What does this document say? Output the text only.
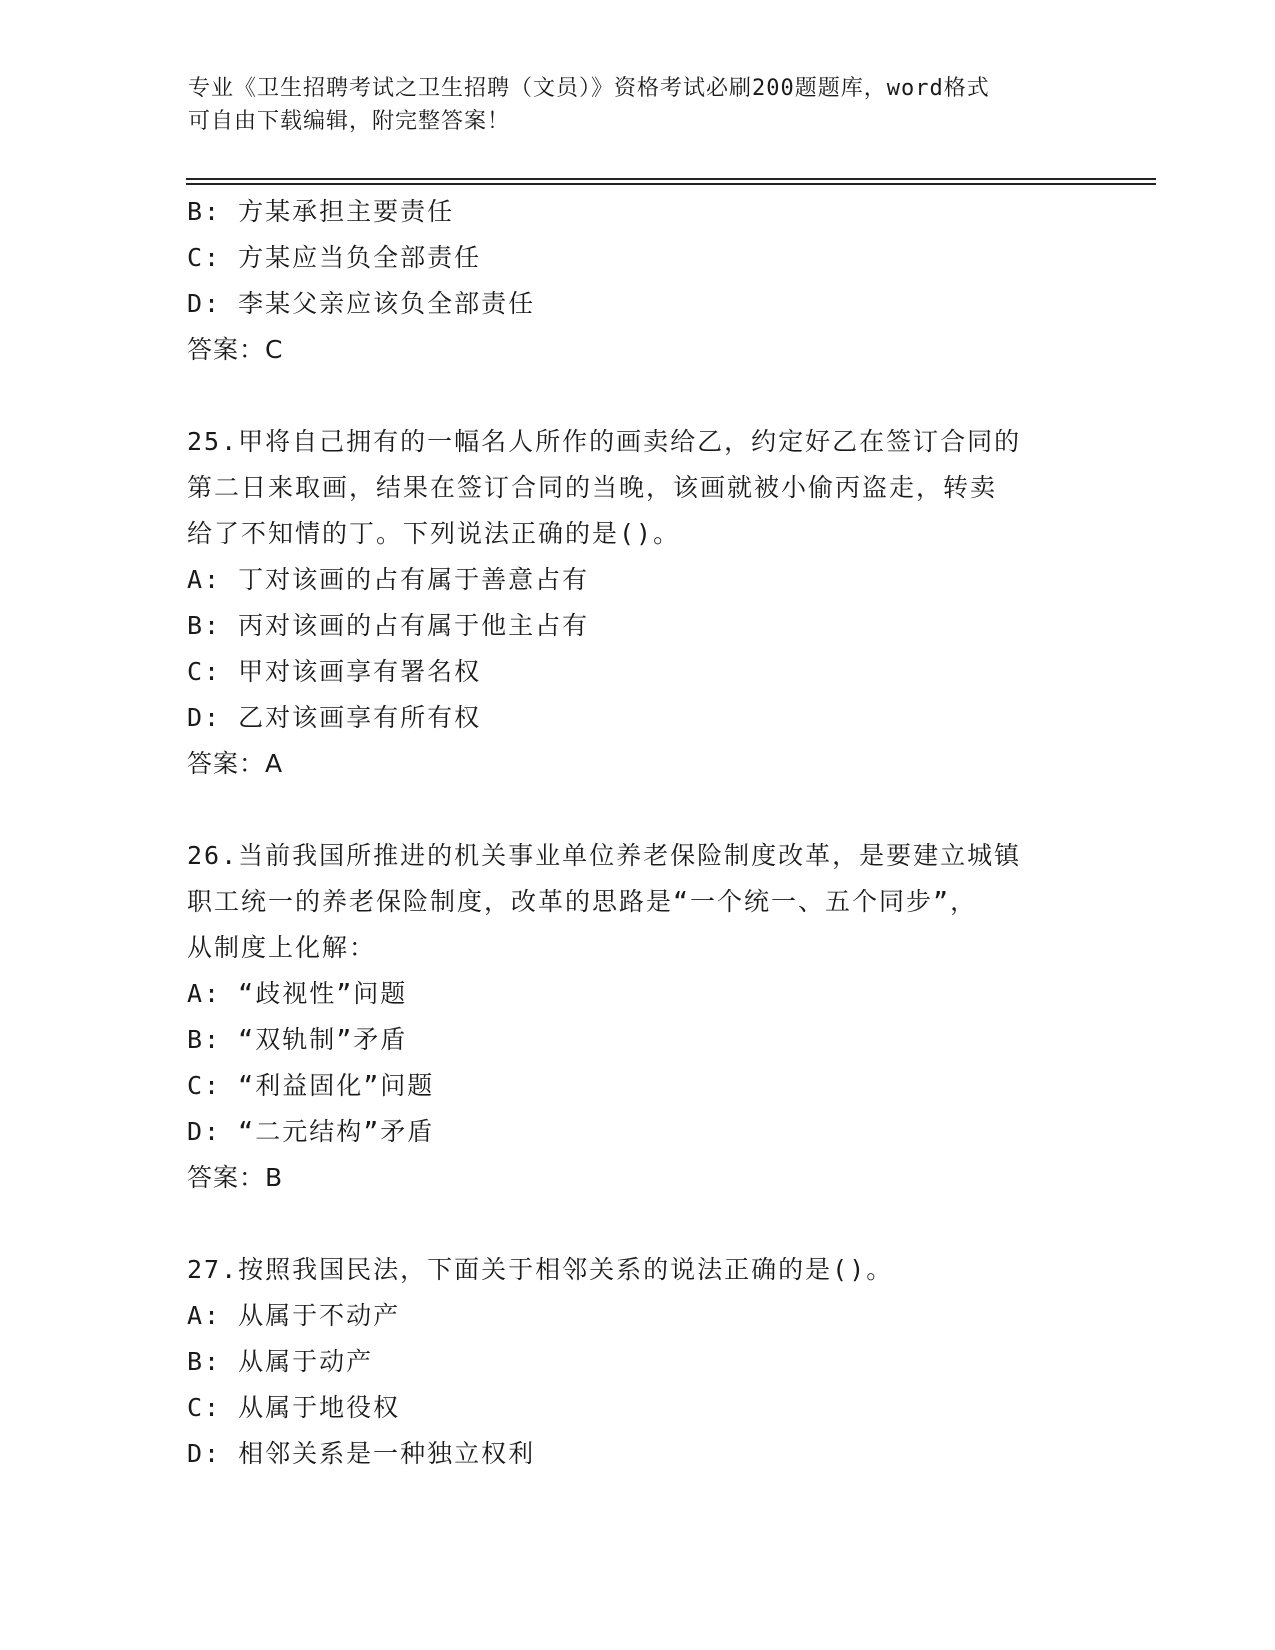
专业《卫生招聘考试之卫生招聘（文员）》资格考试必刷200题题库，word格式
可自由下载编辑，附完整答案！
B: 方某承担主要责任
C: 方某应当负全部责任
D: 李某父亲应该负全部责任
答案：C
25.甲将自己拥有的一幅名人所作的画卖给乙，约定好乙在签订合同的
第二日来取画，结果在签订合同的当晚，该画就被小偷丙盗走，转卖
给了不知情的丁。下列说法正确的是()。
A: 丁对该画的占有属于善意占有
B: 丙对该画的占有属于他主占有
C: 甲对该画享有署名权
D: 乙对该画享有所有权
答案：A
26.当前我国所推进的机关事业单位养老保险制度改革，是要建立城镇
职工统一的养老保险制度，改革的思路是“一个统一、五个同步”，
从制度上化解：
A: “歧视性”问题
B: “双轨制”矛盾
C: “利益固化”问题
D: “二元结构”矛盾
答案：B
27.按照我国民法，下面关于相邻关系的说法正确的是()。
A: 从属于不动产
B: 从属于动产
C: 从属于地役权
D: 相邻关系是一种独立权利
